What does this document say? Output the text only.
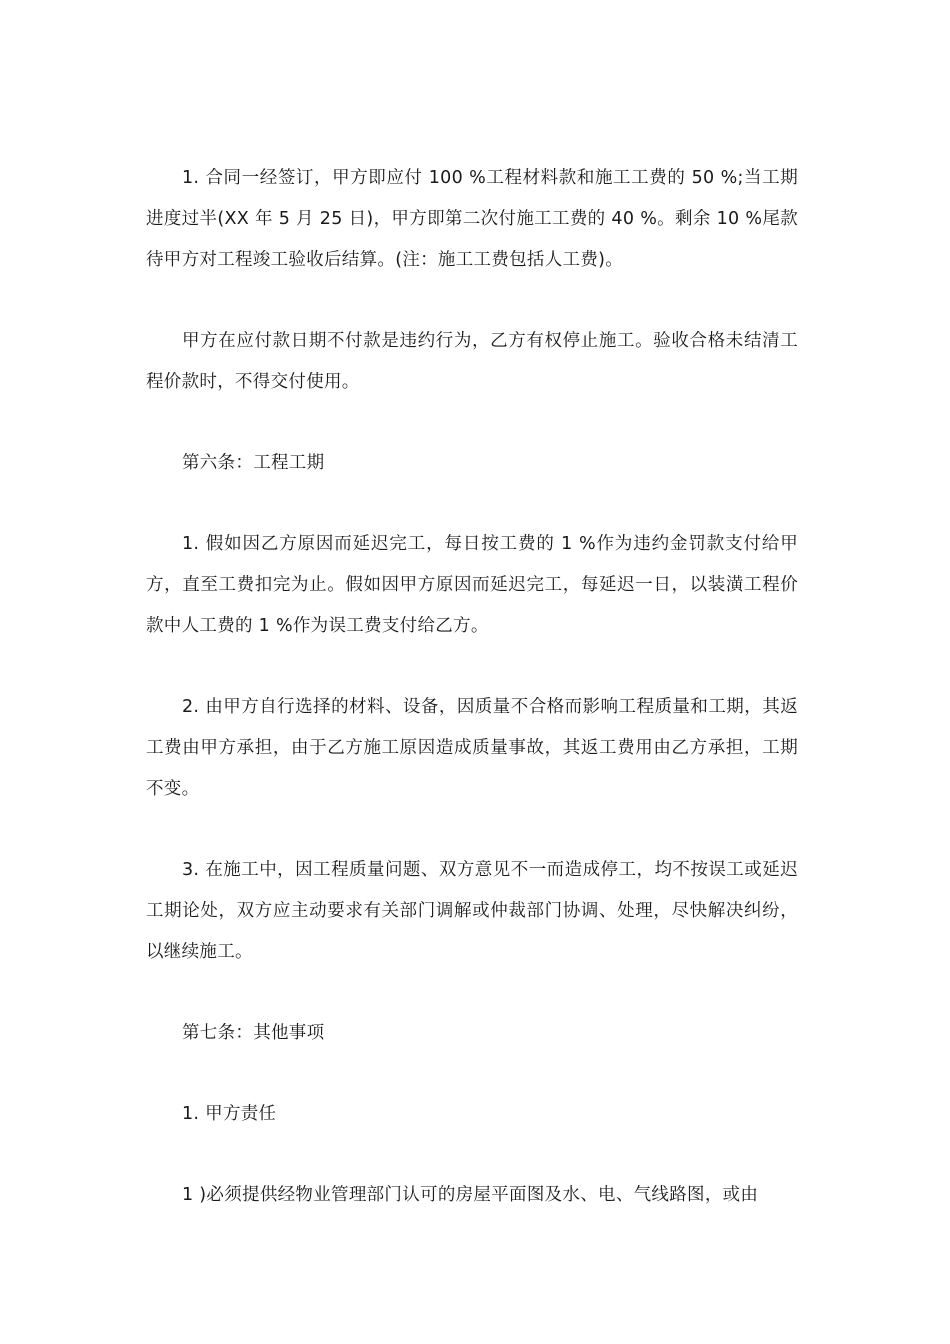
1. 合同一经签订，甲方即应付 100 %工程材料款和施工工费的 50 %;当工期进度过半(XX 年 5 月 25 日)，甲方即第二次付施工工费的 40 %。剩余 10 %尾款待甲方对工程竣工验收后结算。(注：施工工费包括人工费)。

甲方在应付款日期不付款是违约行为，乙方有权停止施工。验收合格未结清工程价款时，不得交付使用。

第六条：工程工期

1. 假如因乙方原因而延迟完工，每日按工费的 1 %作为违约金罚款支付给甲方，直至工费扣完为止。假如因甲方原因而延迟完工，每延迟一日，以装潢工程价款中人工费的 1 %作为误工费支付给乙方。

2. 由甲方自行选择的材料、设备，因质量不合格而影响工程质量和工期，其返工费由甲方承担，由于乙方施工原因造成质量事故，其返工费用由乙方承担，工期不变。

3. 在施工中，因工程质量问题、双方意见不一而造成停工，均不按误工或延迟工期论处，双方应主动要求有关部门调解或仲裁部门协调、处理，尽快解决纠纷，以继续施工。

第七条：其他事项

1. 甲方责任

1 )必须提供经物业管理部门认可的房屋平面图及水、电、气线路图，或由
